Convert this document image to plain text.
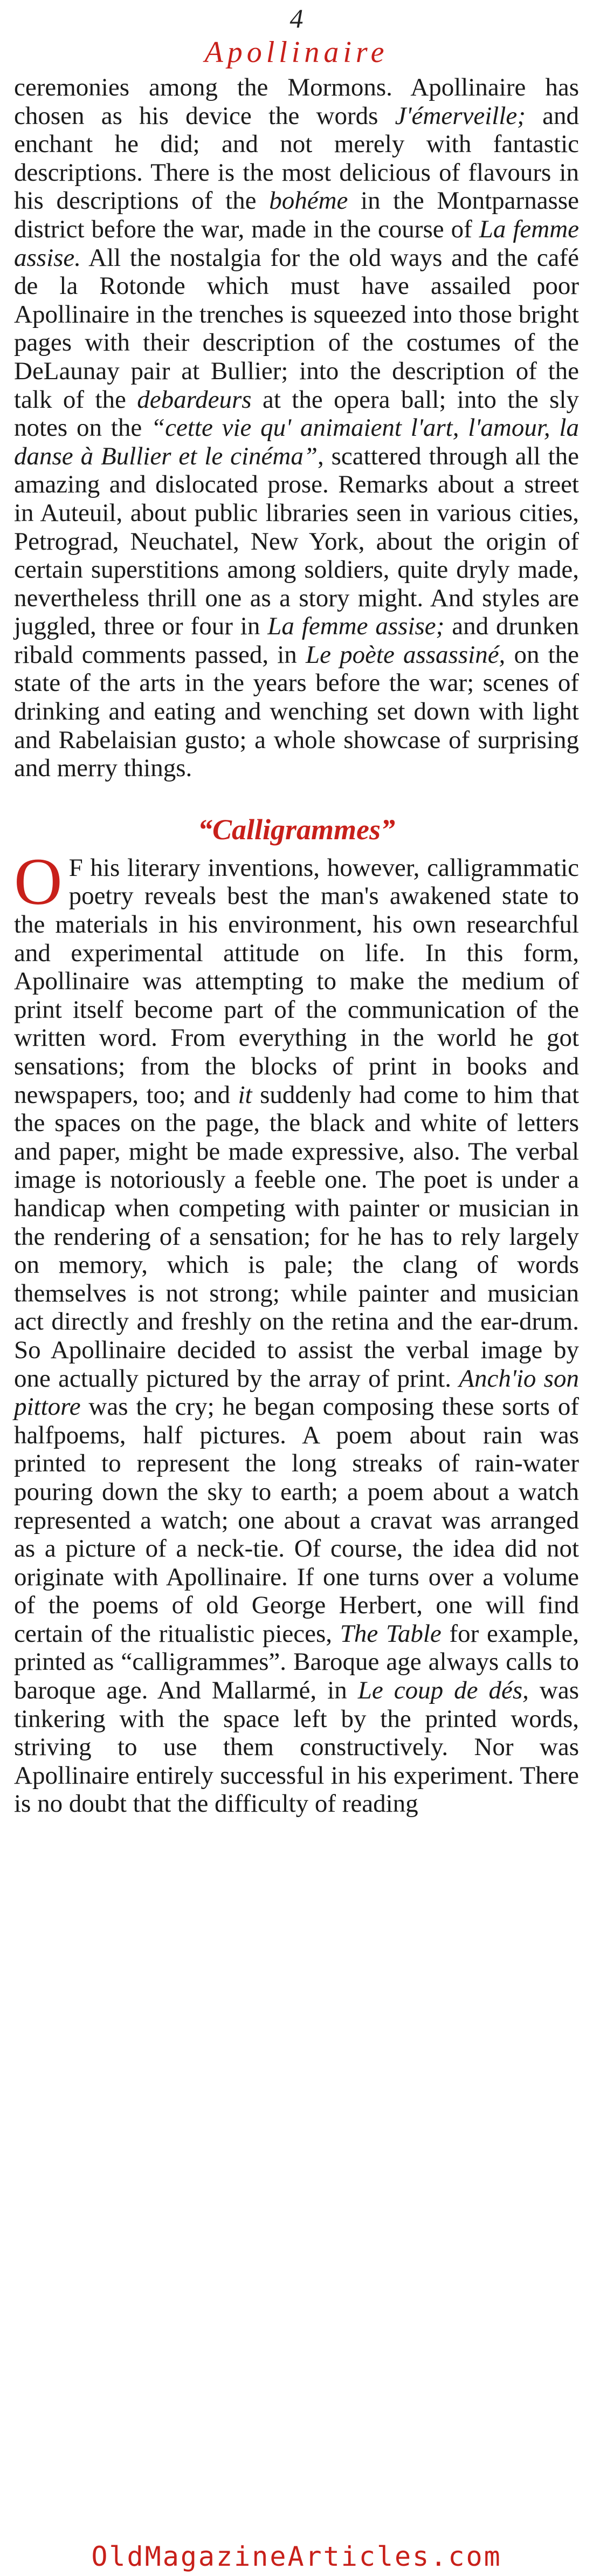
4
Apollinaire

ceremonies among the Mormons. Apollinaire has chosen as his device the words J'émerveille; and enchant he did; and not merely with fantastic descriptions. There is the most delicious of flavours in his descriptions of the bohéme in the Montparnasse district before the war, made in the course of La femme assise. All the nostalgia for the old ways and the café de la Rotonde which must have assailed poor Apollinaire in the trenches is squeezed into those bright pages with their description of the costumes of the DeLaunay pair at Bullier; into the description of the talk of the debardeurs at the opera ball; into the sly notes on the “cette vie qu' animaient l'art, l'amour, la danse à Bullier et le cinéma”, scattered through all the amazing and dislocated prose. Remarks about a street in Auteuil, about public libraries seen in various cities, Petrograd, Neuchatel, New York, about the origin of certain superstitions among soldiers, quite dryly made, nevertheless thrill one as a story might. And styles are juggled, three or four in La femme assise; and drunken ribald comments passed, in Le poète assassiné, on the state of the arts in the years before the war; scenes of drinking and eating and wenching set down with light and Rabelaisian gusto; a whole showcase of surprising and merry things.

“Calligrammes”

O F his literary inventions, however, calligrammatic poetry reveals best the man's awakened state to the materials in his environment, his own researchful and experimental attitude on life. In this form, Apollinaire was attempting to make the medium of print itself become part of the communication of the written word. From everything in the world he got sensations; from the blocks of print in books and newspapers, too; and it suddenly had come to him that the spaces on the page, the black and white of letters and paper, might be made expressive, also. The verbal image is notoriously a feeble one. The poet is under a handicap when competing with painter or musician in the rendering of a sensation; for he has to rely largely on memory, which is pale; the clang of words themselves is not strong; while painter and musician act directly and freshly on the retina and the ear-drum. So Apollinaire decided to assist the verbal image by one actually pictured by the array of print. Anch'io son pittore was the cry; he began composing these sorts of halfpoems, half pictures. A poem about rain was printed to represent the long streaks of rain-water pouring down the sky to earth; a poem about a watch represented a watch; one about a cravat was arranged as a picture of a neck-tie. Of course, the idea did not originate with Apollinaire. If one turns over a volume of the poems of old George Herbert, one will find certain of the ritualistic pieces, The Table for example, printed as “calligrammes”. Baroque age always calls to baroque age. And Mallarmé, in Le coup de dés, was tinkering with the space left by the printed words, striving to use them constructively. Nor was Apollinaire entirely successful in his experiment. There is no doubt that the difficulty of reading

OldMagazineArticles.com
